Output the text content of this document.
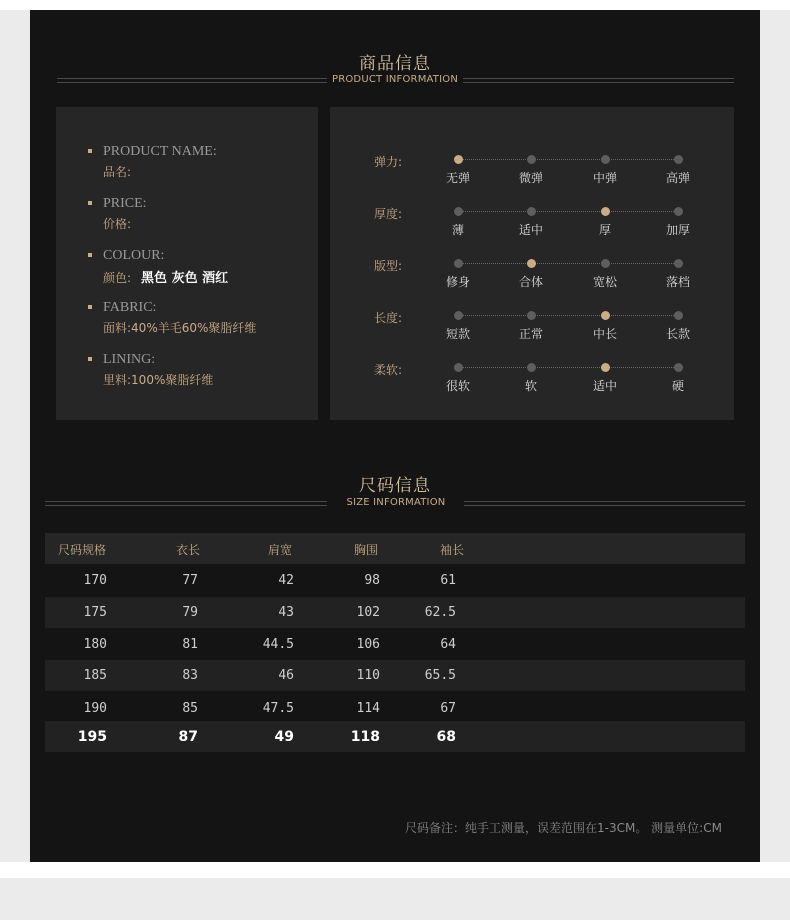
商品信息
PRODUCT INFORMATION
PRODUCT NAME:
品名:
PRICE:
价格:
COLOUR:
颜色: 黑色 灰色 酒红
FABRIC:
面料:40%羊毛60%聚脂纤维
LINING:
里料:100%聚脂纤维
弹力:
无弹	微弹	中弹	高弹
厚度:
薄	适中	厚	加厚
版型:
修身	合体	宽松	落档
长度:
短款	正常	中长	长款
柔软:
很软	软	适中	硬
尺码信息
SIZE INFORMATION
尺码规格	衣长	肩宽	胸围	袖长
170	77	42	98	61
175	79	43	102	62.5
180	81	44.5	106	64
185	83	46	110	65.5
190	85	47.5	114	67
195	87	49	118	68
尺码备注：纯手工测量，误差范围在1-3CM。 测量单位:CM
